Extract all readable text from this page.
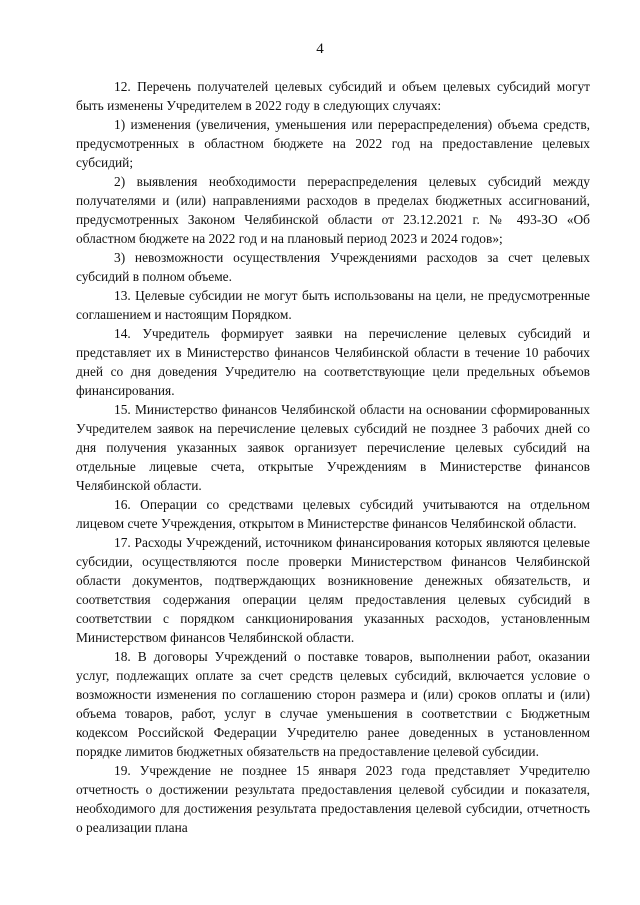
4

12. Перечень получателей целевых субсидий и объем целевых субсидий могут быть изменены Учредителем в 2022 году в следующих случаях:

1) изменения (увеличения, уменьшения или перераспределения) объема средств, предусмотренных в областном бюджете на 2022 год на предоставление целевых субсидий;

2) выявления необходимости перераспределения целевых субсидий между получателями и (или) направлениями расходов в пределах бюджетных ассигнований, предусмотренных Законом Челябинской области от 23.12.2021 г. № 493-ЗО «Об областном бюджете на 2022 год и на плановый период 2023 и 2024 годов»;

3) невозможности осуществления Учреждениями расходов за счет целевых субсидий в полном объеме.

13. Целевые субсидии не могут быть использованы на цели, не предусмотренные соглашением и настоящим Порядком.

14. Учредитель формирует заявки на перечисление целевых субсидий и представляет их в Министерство финансов Челябинской области в течение 10 рабочих дней со дня доведения Учредителю на соответствующие цели предельных объемов финансирования.

15. Министерство финансов Челябинской области на основании сформированных Учредителем заявок на перечисление целевых субсидий не позднее 3 рабочих дней со дня получения указанных заявок организует перечисление целевых субсидий на отдельные лицевые счета, открытые Учреждениям в Министерстве финансов Челябинской области.

16. Операции со средствами целевых субсидий учитываются на отдельном лицевом счете Учреждения, открытом в Министерстве финансов Челябинской области.

17. Расходы Учреждений, источником финансирования которых являются целевые субсидии, осуществляются после проверки Министерством финансов Челябинской области документов, подтверждающих возникновение денежных обязательств, и соответствия содержания операции целям предоставления целевых субсидий в соответствии с порядком санкционирования указанных расходов, установленным Министерством финансов Челябинской области.

18. В договоры Учреждений о поставке товаров, выполнении работ, оказании услуг, подлежащих оплате за счет средств целевых субсидий, включается условие о возможности изменения по соглашению сторон размера и (или) сроков оплаты и (или) объема товаров, работ, услуг в случае уменьшения в соответствии с Бюджетным кодексом Российской Федерации Учредителю ранее доведенных в установленном порядке лимитов бюджетных обязательств на предоставление целевой субсидии.

19. Учреждение не позднее 15 января 2023 года представляет Учредителю отчетность о достижении результата предоставления целевой субсидии и показателя, необходимого для достижения результата предоставления целевой субсидии, отчетность о реализации плана
